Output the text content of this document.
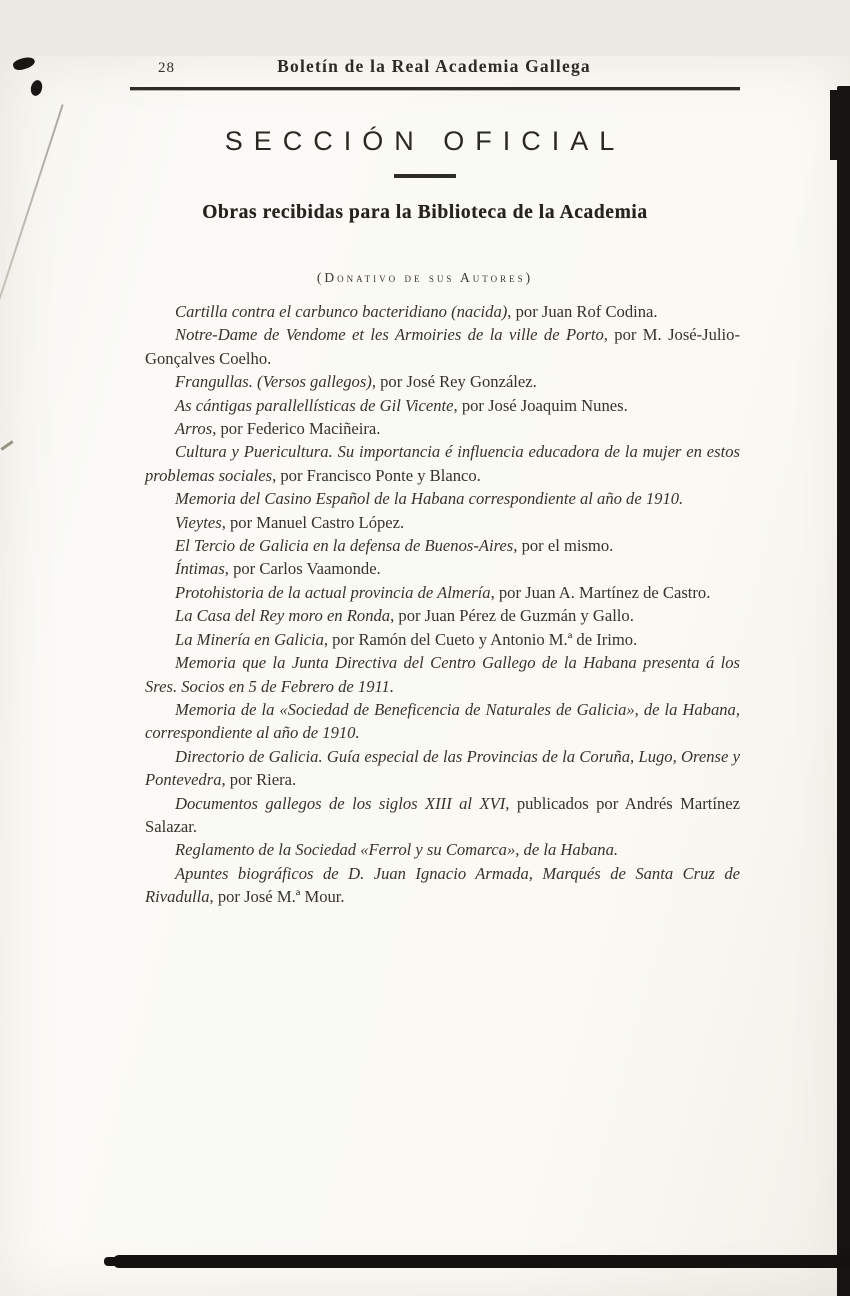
28	Boletín de la Real Academia Gallega
SECCIÓN OFICIAL
Obras recibidas para la Biblioteca de la Academia
(Donativo de sus Autores)

Cartilla contra el carbunco bacteridiano (nacida), por Juan Rof Codina.

Notre-Dame de Vendome et les Armoiries de la ville de Porto, por M. José-Julio-Gonçalves Coelho.

Frangullas. (Versos gallegos), por José Rey González.

As cántigas parallellísticas de Gil Vicente, por José Joaquim Nunes.

Arros, por Federico Maciñeira.

Cultura y Puericultura. Su importancia é influencia educadora de la mujer en estos problemas sociales, por Francisco Ponte y Blanco.

Memoria del Casino Español de la Habana correspondiente al año de 1910.

Vieytes, por Manuel Castro López.

El Tercio de Galicia en la defensa de Buenos-Aires, por el mismo.

Íntimas, por Carlos Vaamonde.

Protohistoria de la actual provincia de Almería, por Juan A. Martínez de Castro.

La Casa del Rey moro en Ronda, por Juan Pérez de Guzmán y Gallo.

La Minería en Galicia, por Ramón del Cueto y Antonio M.ª de Irimo.

Memoria que la Junta Directiva del Centro Gallego de la Habana presenta á los Sres. Socios en 5 de Febrero de 1911.

Memoria de la «Sociedad de Beneficencia de Naturales de Galicia», de la Habana, correspondiente al año de 1910.

Directorio de Galicia. Guía especial de las Provincias de la Coruña, Lugo, Orense y Pontevedra, por Riera.

Documentos gallegos de los siglos XIII al XVI, publicados por Andrés Martínez Salazar.

Reglamento de la Sociedad «Ferrol y su Comarca», de la Habana.

Apuntes biográficos de D. Juan Ignacio Armada, Marqués de Santa Cruz de Rivadulla, por José M.ª Mour.
